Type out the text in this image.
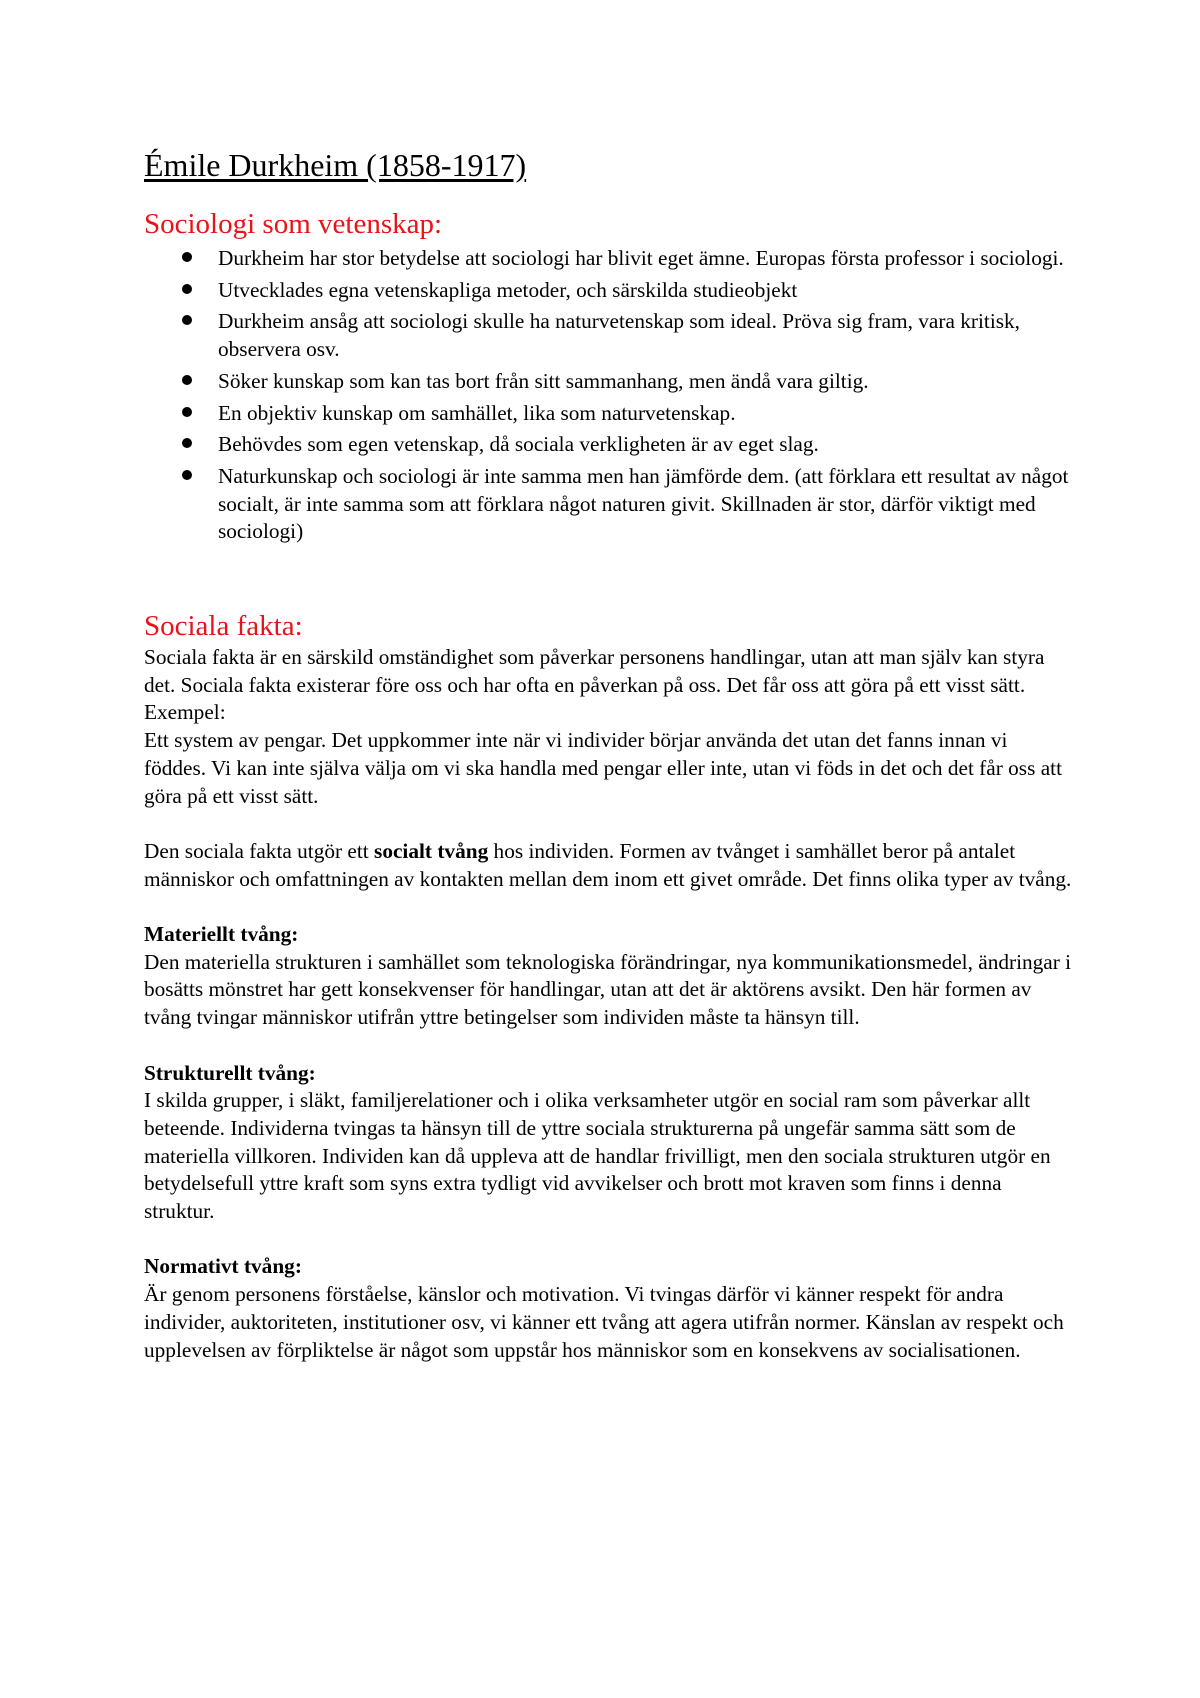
Émile Durkheim (1858-1917)
Sociologi som vetenskap:
Durkheim har stor betydelse att sociologi har blivit eget ämne. Europas första professor i sociologi.
Utvecklades egna vetenskapliga metoder, och särskilda studieobjekt
Durkheim ansåg att sociologi skulle ha naturvetenskap som ideal. Pröva sig fram, vara kritisk, observera osv.
Söker kunskap som kan tas bort från sitt sammanhang, men ändå vara giltig.
En objektiv kunskap om samhället, lika som naturvetenskap.
Behövdes som egen vetenskap, då sociala verkligheten är av eget slag.
Naturkunskap och sociologi är inte samma men han jämförde dem. (att förklara ett resultat av något socialt, är inte samma som att förklara något naturen givit. Skillnaden är stor, därför viktigt med sociologi)
Sociala fakta:

Sociala fakta är en särskild omständighet som påverkar personens handlingar, utan att man själv kan styra det. Sociala fakta existerar före oss och har ofta en påverkan på oss. Det får oss att göra på ett visst sätt.

Exempel:

Ett system av pengar. Det uppkommer inte när vi individer börjar använda det utan det fanns innan vi föddes. Vi kan inte själva välja om vi ska handla med pengar eller inte, utan vi föds in det och det får oss att göra på ett visst sätt.

Den sociala fakta utgör ett socialt tvång hos individen. Formen av tvånget i samhället beror på antalet människor och omfattningen av kontakten mellan dem inom ett givet område. Det finns olika typer av tvång.

Materiellt tvång:

Den materiella strukturen i samhället som teknologiska förändringar, nya kommunikationsmedel, ändringar i bosätts mönstret har gett konsekvenser för handlingar, utan att det är aktörens avsikt. Den här formen av tvång tvingar människor utifrån yttre betingelser som individen måste ta hänsyn till.

Strukturellt tvång:

I skilda grupper, i släkt, familjerelationer och i olika verksamheter utgör en social ram som påverkar allt beteende. Individerna tvingas ta hänsyn till de yttre sociala strukturerna på ungefär samma sätt som de materiella villkoren. Individen kan då uppleva att de handlar frivilligt, men den sociala strukturen utgör en betydelsefull yttre kraft som syns extra tydligt vid avvikelser och brott mot kraven som finns i denna struktur.

Normativt tvång:

Är genom personens förståelse, känslor och motivation. Vi tvingas därför vi känner respekt för andra individer, auktoriteten, institutioner osv, vi känner ett tvång att agera utifrån normer. Känslan av respekt och upplevelsen av förpliktelse är något som uppstår hos människor som en konsekvens av socialisationen.
